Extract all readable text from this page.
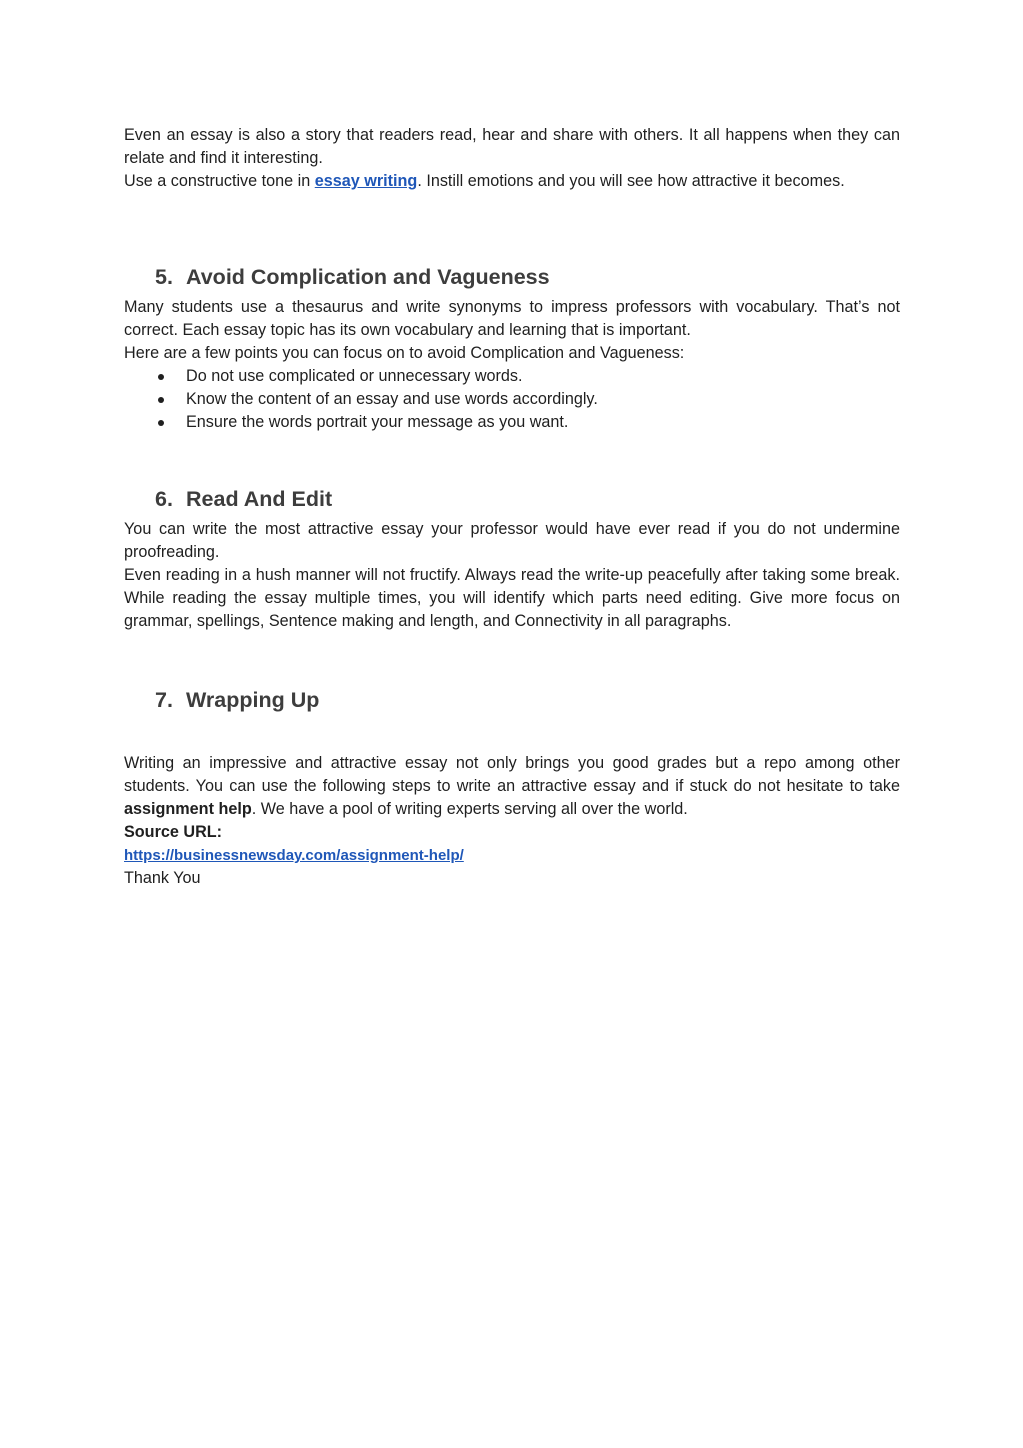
Even an essay is also a story that readers read, hear and share with others. It all happens when they can relate and find it interesting.

Use a constructive tone in essay writing. Instill emotions and you will see how attractive it becomes.

5. Avoid Complication and Vagueness

Many students use a thesaurus and write synonyms to impress professors with vocabulary. That’s not correct. Each essay topic has its own vocabulary and learning that is important.

Here are a few points you can focus on to avoid Complication and Vagueness:

Do not use complicated or unnecessary words.
Know the content of an essay and use words accordingly.
Ensure the words portrait your message as you want.
6. Read And Edit

You can write the most attractive essay your professor would have ever read if you do not undermine proofreading.

Even reading in a hush manner will not fructify. Always read the write-up peacefully after taking some break. While reading the essay multiple times, you will identify which parts need editing. Give more focus on grammar, spellings, Sentence making and length, and Connectivity in all paragraphs.

7. Wrapping Up

Writing an impressive and attractive essay not only brings you good grades but a repo among other students. You can use the following steps to write an attractive essay and if stuck do not hesitate to take assignment help. We have a pool of writing experts serving all over the world.

Source URL:

https://businessnewsday.com/assignment-help/

Thank You
